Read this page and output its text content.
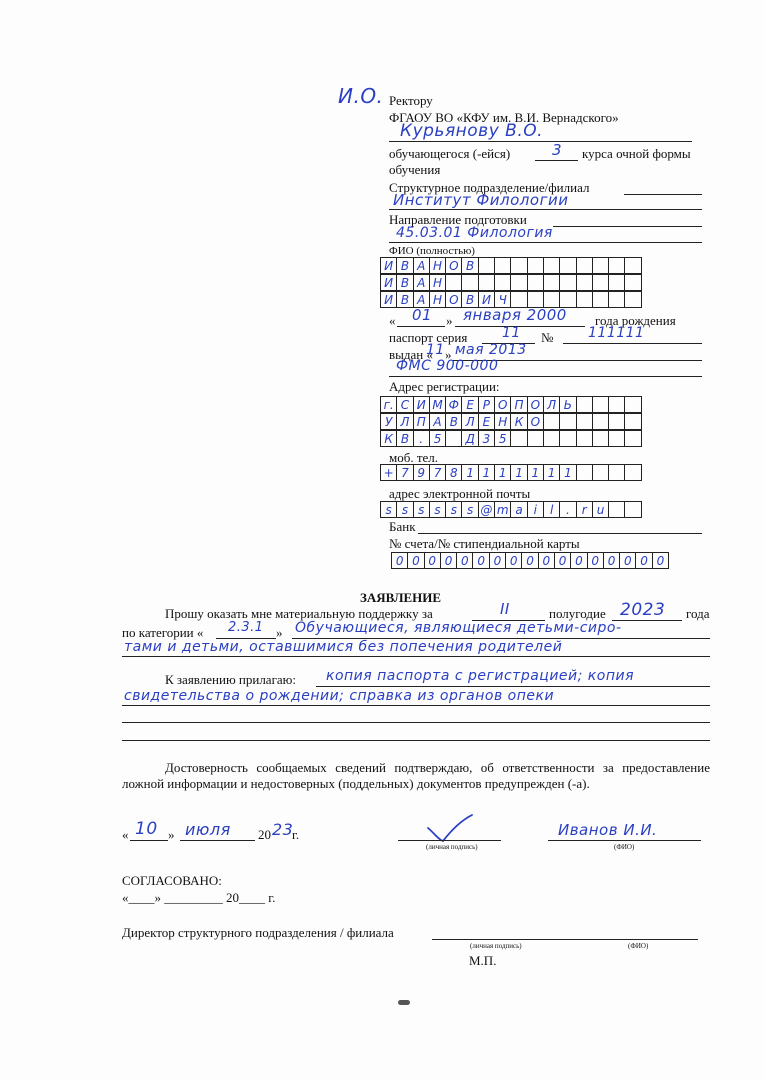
И.О. Ректору
ФГАОУ ВО «КФУ им. В.И. Вернадского»
Курьянову В.О.
обучающегося (-ейся)	3 курса очной формы
обучения
Структурное подразделение/филиал
Институт Филологии
Направление подготовки
45.03.01 Филология
ФИО (полностью)
И В А Н О В
И В А Н
И В А Н О В И Ч
« 01 » января 2000 года рождения
паспорт серия 11 № 111111
выдан «
11 » мая 2013
ФМС 900-000
Адрес регистрации:
г. С И М Ф Е Р О П О Л Ь
У Л П А В Л Е Н К О
К В . 5	Д 3 5
моб. тел.
+ 7 9 7 8 1 1 1 1 1 1 1
адрес электронной почты
s s s s s s @ m a i	l	. r u
Банк
№ счета/№ стипендиальной карты
0 0 0 0 0 0 0 0 0 0 0 0 0 0 0 0 0
ЗАЯВЛЕНИЕ
Прошу оказать мне материальную поддержку за	II	полугодие 2023 года
по категории « 2.3.1 » Обучающиеся, являющиеся детьми-сиро-
тами и детьми, оставшимися без попечения родителей
К заявлению прилагаю: копия паспорта с регистрацией; копия
свидетельства о рождении; справка из органов опеки
Достоверность сообщаемых сведений подтверждаю, об ответственности за предоставление ложной информации и недостоверных (поддельных) документов предупрежден (-а).
« 10 » июля 20 23
г.
(личная подпись)
Иванов И.И.
(ФИО)
СОГЛАСОВАНО:
«____» _________ 20____ г.
Директор структурного подразделения / филиала
(личная подпись)	(ФИО)
М.П.
